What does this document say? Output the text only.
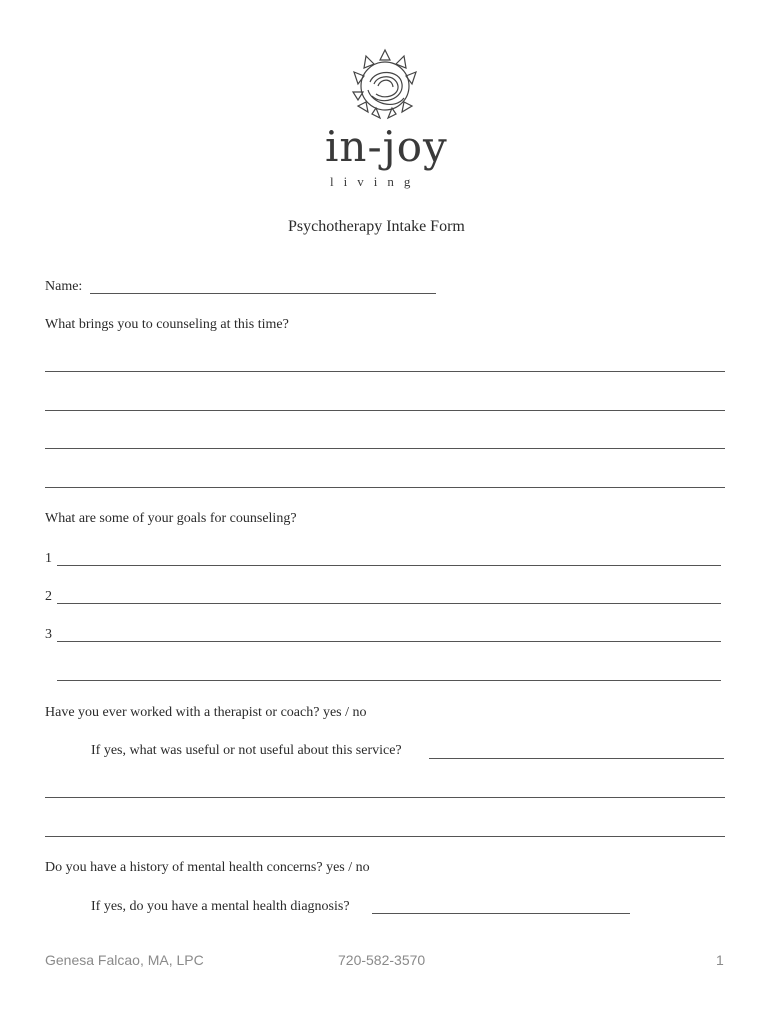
in-joy
living
Psychotherapy Intake Form
Name:
What brings you to counseling at this time?
What are some of your goals for counseling?
1
2
3
Have you ever worked with a therapist or coach? yes / no
If yes, what was useful or not useful about this service?
Do you have a history of mental health concerns? yes / no
If yes, do you have a mental health diagnosis?
Genesa Falcao, MA, LPC	720-582-3570	1
